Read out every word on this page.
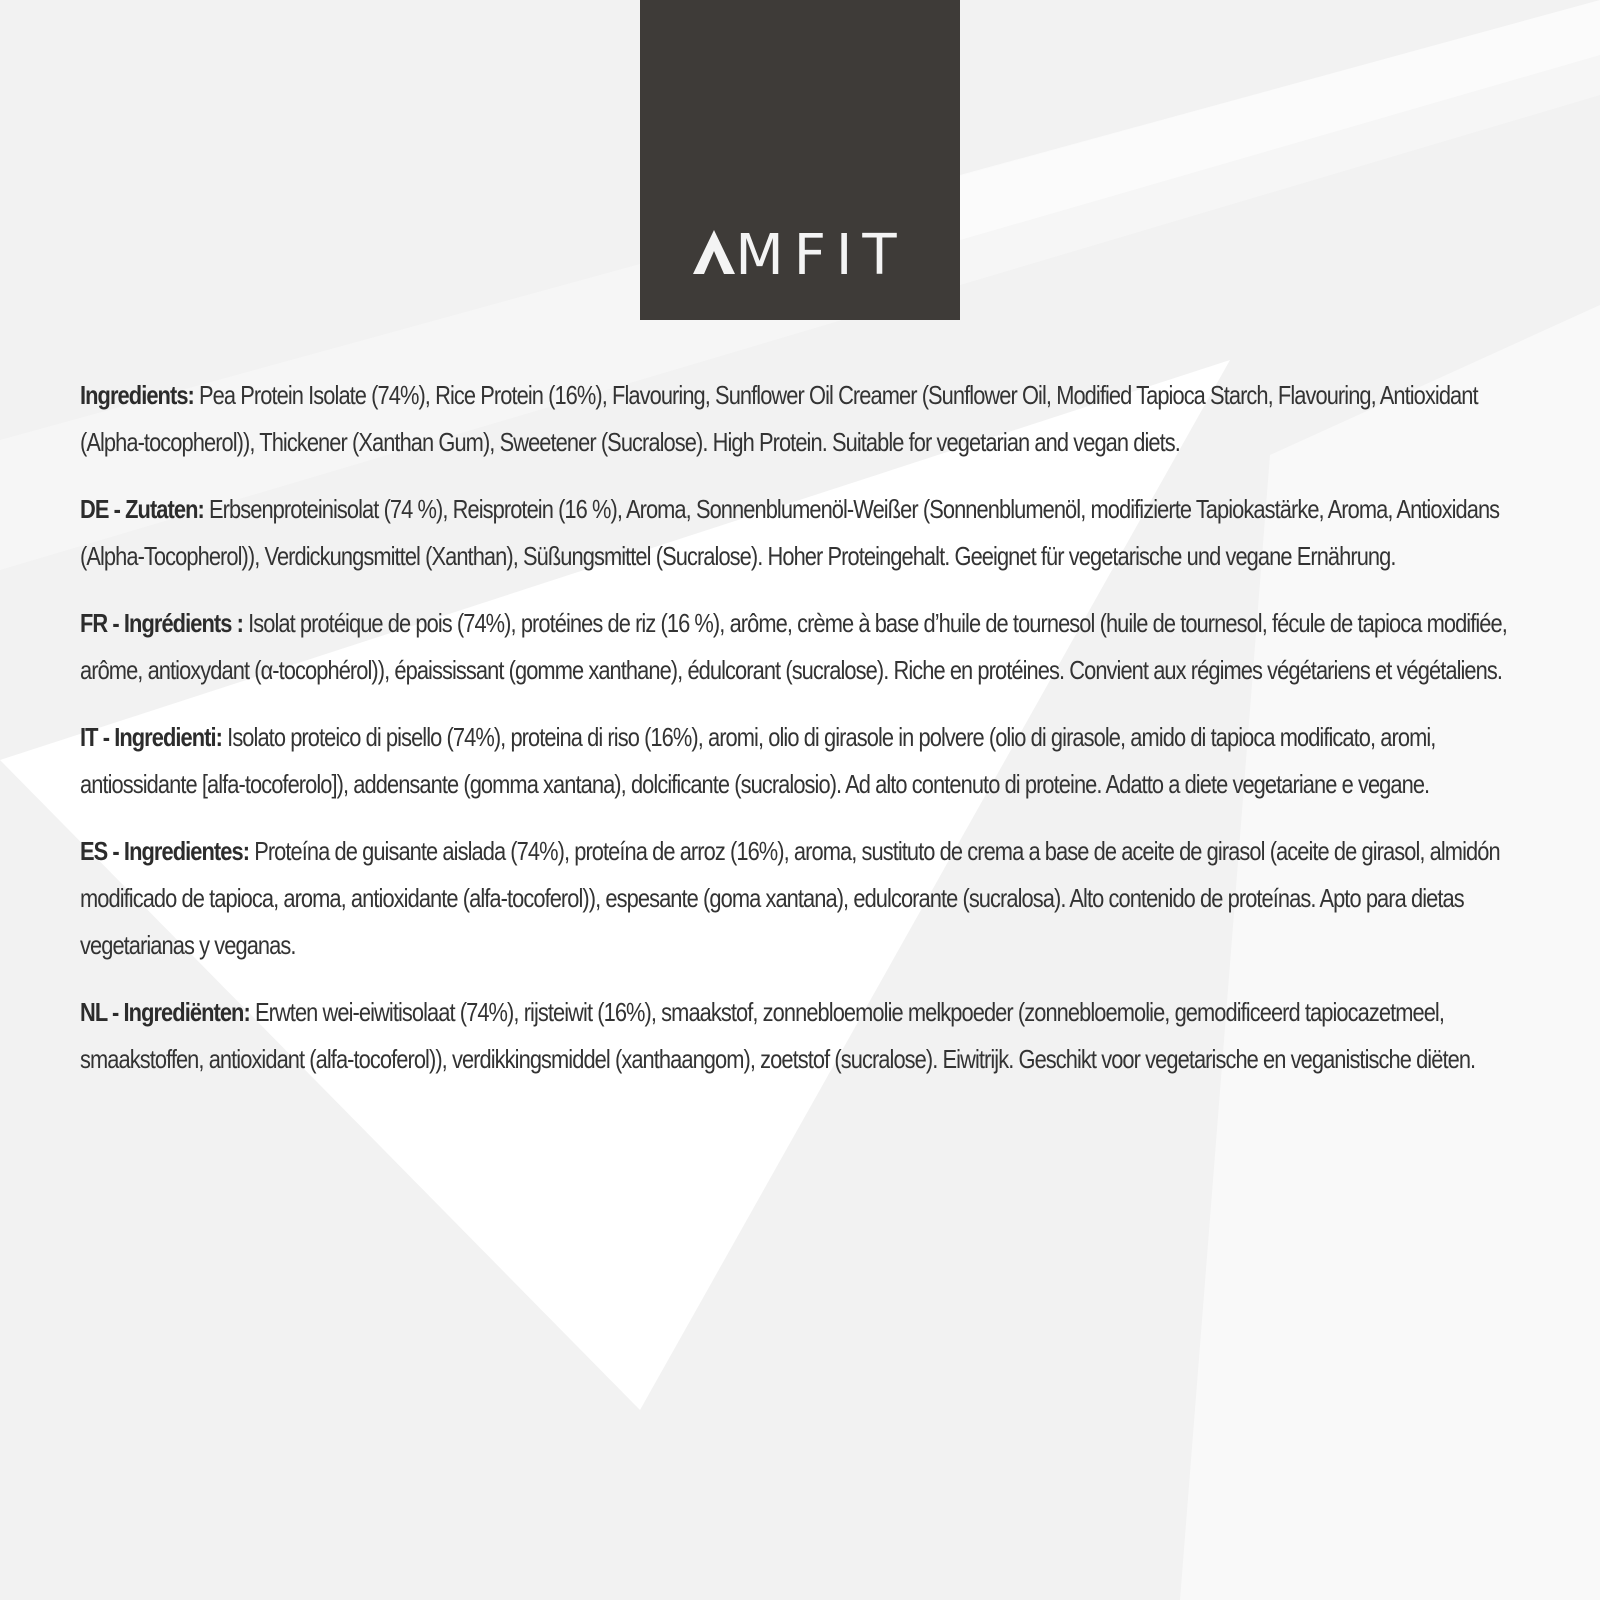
MFIT

Ingredients: Pea Protein Isolate (74%), Rice Protein (16%), Flavouring, Sunflower Oil Creamer (Sunflower Oil, Modified Tapioca Starch, Flavouring, Antioxidant (Alpha-tocopherol)), Thickener (Xanthan Gum), Sweetener (Sucralose). High Protein. Suitable for vegetarian and vegan diets.

DE - Zutaten: Erbsenproteinisolat (74 %), Reisprotein (16 %), Aroma, Sonnenblumenöl-Weißer (Sonnenblumenöl, modifizierte Tapiokastärke, Aroma, Antioxidans (Alpha-Tocopherol)), Verdickungsmittel (Xanthan), Süßungsmittel (Sucralose). Hoher Proteingehalt. Geeignet für vegetarische und vegane Ernährung.

FR - Ingrédients : Isolat protéique de pois (74%), protéines de riz (16 %), arôme, crème à base d’huile de tournesol (huile de tournesol, fécule de tapioca modifiée, arôme, antioxydant (α-tocophérol)), épaississant (gomme xanthane), édulcorant (sucralose). Riche en protéines. Convient aux régimes végétariens et végétaliens.

IT - Ingredienti: Isolato proteico di pisello (74%), proteina di riso (16%), aromi, olio di girasole in polvere (olio di girasole, amido di tapioca modificato, aromi, antiossidante [alfa-tocoferolo]), addensante (gomma xantana), dolcificante (sucralosio). Ad alto contenuto di proteine. Adatto a diete vegetariane e vegane.

ES - Ingredientes: Proteína de guisante aislada (74%), proteína de arroz (16%), aroma, sustituto de crema a base de aceite de girasol (aceite de girasol, almidón modificado de tapioca, aroma, antioxidante (alfa-tocoferol)), espesante (goma xantana), edulcorante (sucralosa). Alto contenido de proteínas. Apto para dietas vegetarianas y veganas.

NL - Ingrediënten: Erwten wei-eiwitisolaat (74%), rijsteiwit (16%), smaakstof, zonnebloemolie melkpoeder (zonnebloemolie, gemodificeerd tapiocazetmeel, smaakstoffen, antioxidant (alfa-tocoferol)), verdikkingsmiddel (xanthaangom), zoetstof (sucralose). Eiwitrijk. Geschikt voor vegetarische en veganistische diëten.
